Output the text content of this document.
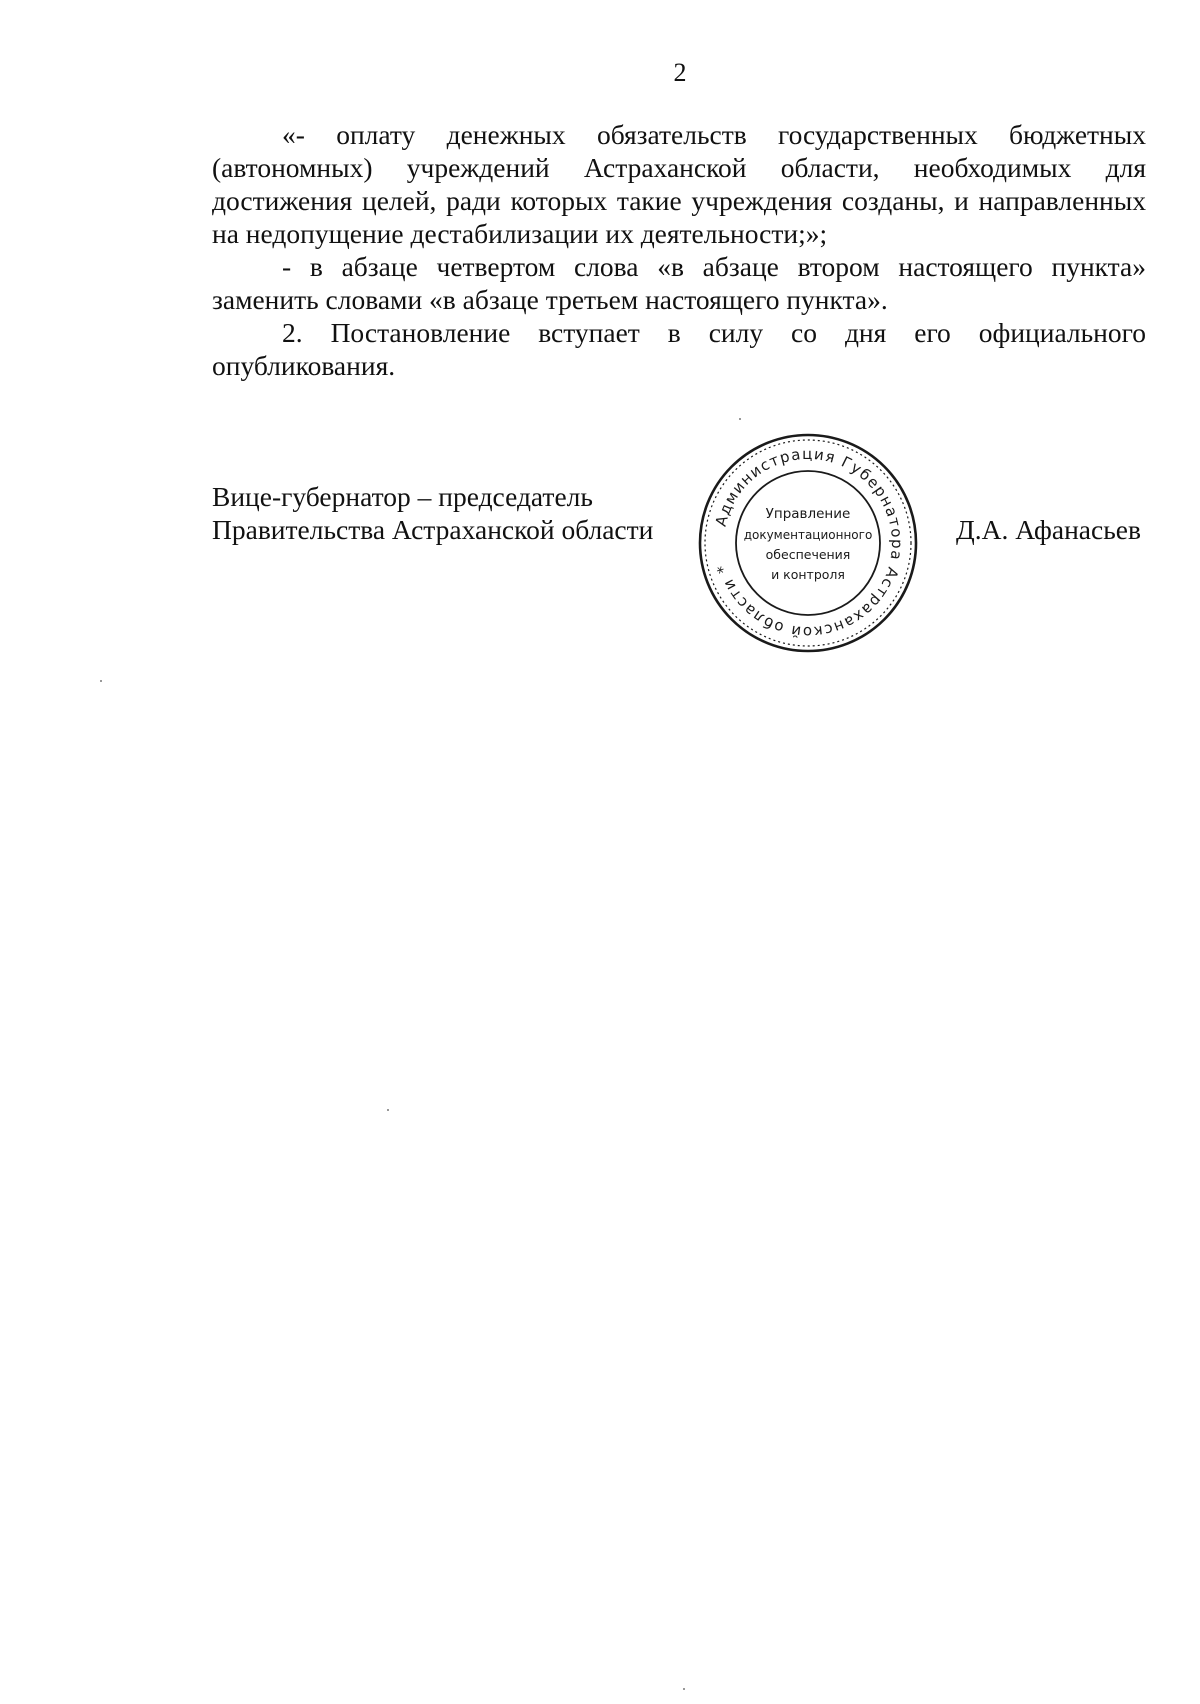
2

«- оплату денежных обязательств государственных бюджетных (автономных) учреждений Астраханской области, необходимых для достижения целей, ради которых такие учреждения созданы, и направленных на недопущение дестабилизации их деятельности;»;

- в абзаце четвертом слова «в абзаце втором настоящего пункта» заменить словами «в абзаце третьем настоящего пункта».

2. Постановление вступает в силу со дня его официального опубликования.

Вице-губернатор – председатель
Правительства Астраханской области	Администрация Губернатора Астраханской области *
Управление
документационного
обеспечения
и контроля
Д.А. Афанасьев
